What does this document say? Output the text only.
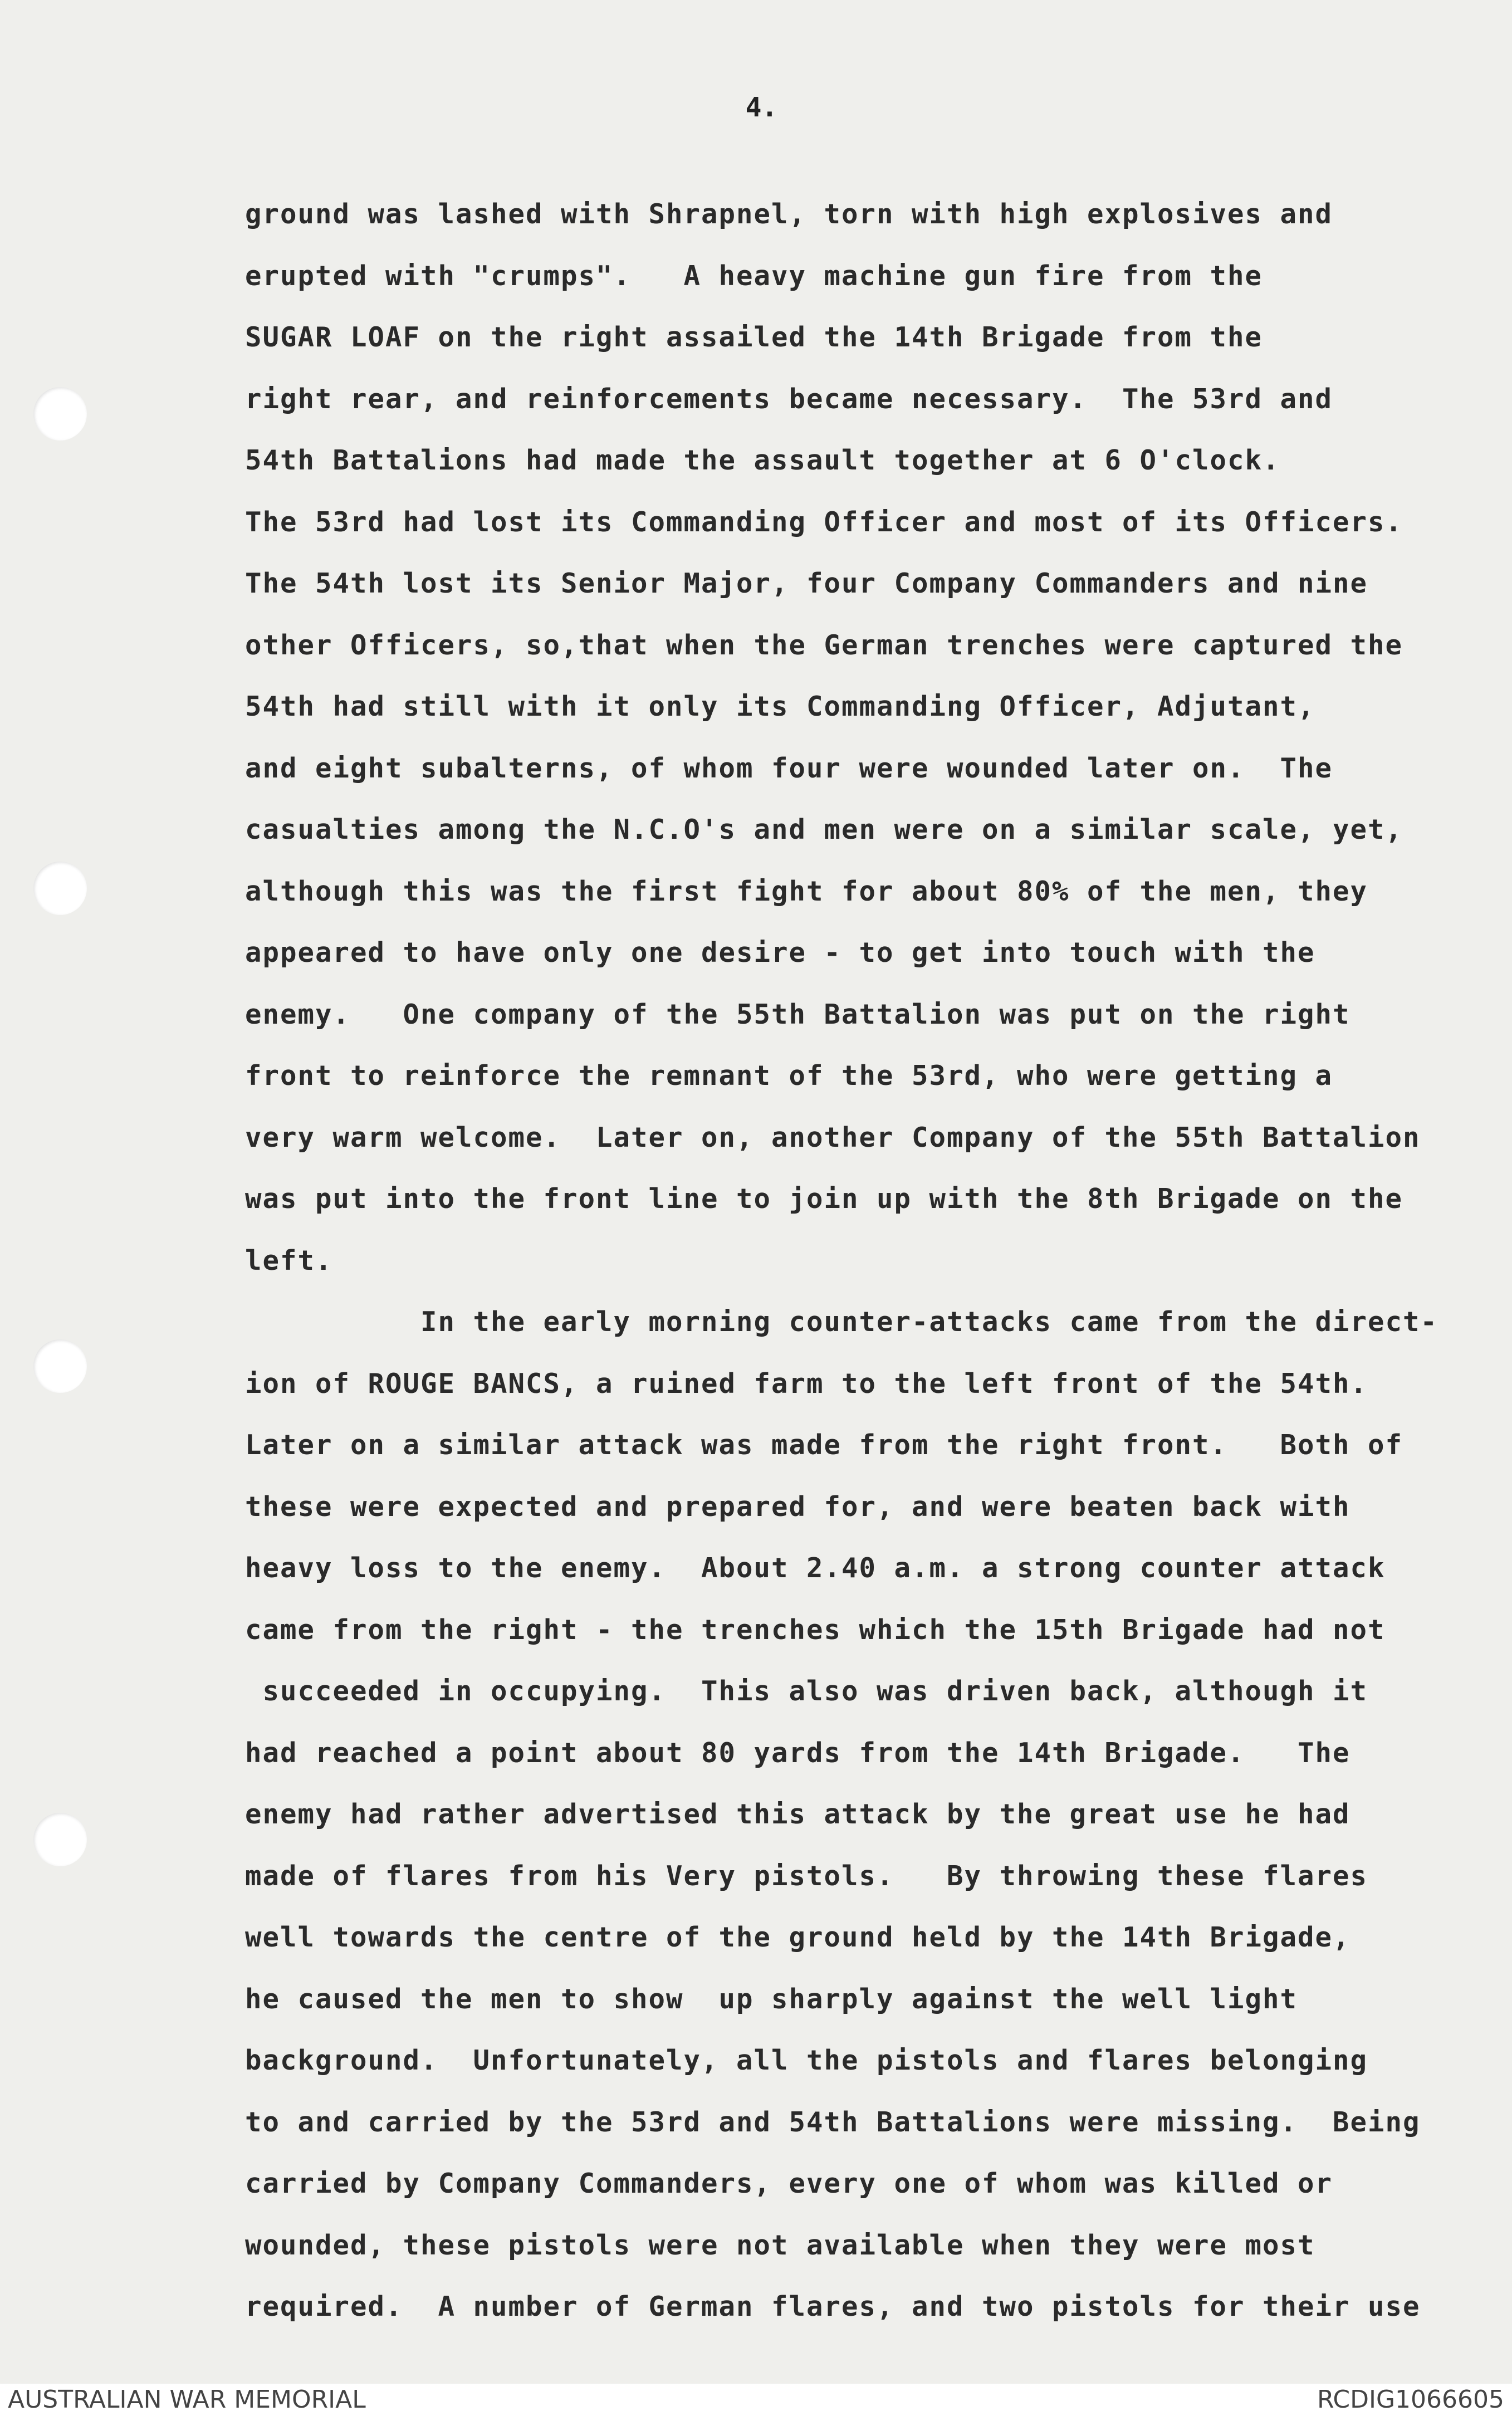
4.
ground was lashed with Shrapnel, torn with high explosives and
erupted with "crumps".   A heavy machine gun fire from the
SUGAR LOAF on the right assailed the 14th Brigade from the
right rear, and reinforcements became necessary.  The 53rd and
54th Battalions had made the assault together at 6 O'clock.
The 53rd had lost its Commanding Officer and most of its Officers.
The 54th lost its Senior Major, four Company Commanders and nine
other Officers, so,that when the German trenches were captured the
54th had still with it only its Commanding Officer, Adjutant,
and eight subalterns, of whom four were wounded later on.  The
casualties among the N.C.O's and men were on a similar scale, yet,
although this was the first fight for about 80% of the men, they
appeared to have only one desire - to get into touch with the
enemy.   One company of the 55th Battalion was put on the right
front to reinforce the remnant of the 53rd, who were getting a
very warm welcome.  Later on, another Company of the 55th Battalion
was put into the front line to join up with the 8th Brigade on the
left.
In the early morning counter-attacks came from the direct-
ion of ROUGE BANCS, a ruined farm to the left front of the 54th.
Later on a similar attack was made from the right front.   Both of
these were expected and prepared for, and were beaten back with
heavy loss to the enemy.  About 2.40 a.m. a strong counter attack
came from the right - the trenches which the 15th Brigade had not
succeeded in occupying.  This also was driven back, although it
had reached a point about 80 yards from the 14th Brigade.   The
enemy had rather advertised this attack by the great use he had
made of flares from his Very pistols.   By throwing these flares
well towards the centre of the ground held by the 14th Brigade,
he caused the men to show  up sharply against the well light
background.  Unfortunately, all the pistols and flares belonging
to and carried by the 53rd and 54th Battalions were missing.  Being
carried by Company Commanders, every one of whom was killed or
wounded, these pistols were not available when they were most
required.  A number of German flares, and two pistols for their use
AUSTRALIAN WAR MEMORIAL	RCDIG1066605
